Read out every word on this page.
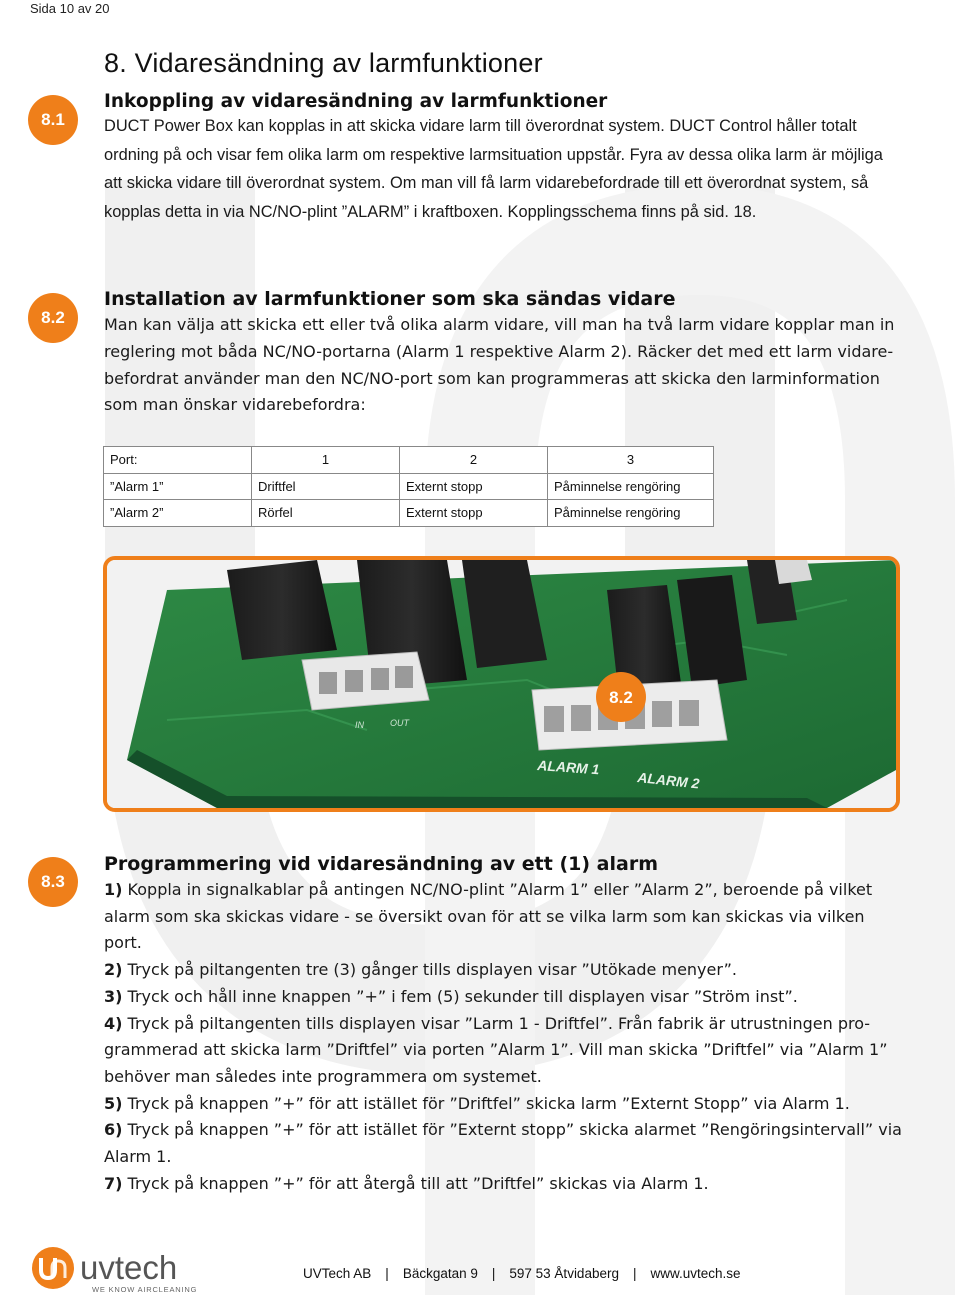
Sida 10 av 20
8. Vidaresändning av larmfunktioner
8.1
Inkoppling av vidaresändning av larmfunktioner

DUCT Power Box kan kopplas in att skicka vidare larm till överordnat system. DUCT Control håller totalt ordning på och visar fem olika larm om respektive larmsituation uppstår. Fyra av dessa olika larm är möjliga att skicka vidare till överordnat system. Om man vill få larm vidarebefordrade till ett överordnat system, så kopplas detta in via NC/NO-plint ”ALARM” i kraftboxen. Kopplingsschema finns på sid. 18.

8.2
Installation av larmfunktioner som ska sändas vidare

Man kan välja att skicka ett eller två olika alarm vidare, vill man ha två larm vidare kopplar man in reglering mot båda NC/NO-portarna (Alarm 1 respektive Alarm 2). Räcker det med ett larm vidare-befordrat använder man den NC/NO-port som kan programmeras att skicka den larminformation som man önskar vidarebefordra:

Port:	1	2	3
”Alarm 1”	Driftfel	Externt stopp	Påminnelse rengöring
”Alarm 2”	Rörfel	Externt stopp	Påminnelse rengöring
IN	OUT
ALARM 1
ALARM 2
8.2
8.3
Programmering vid vidaresändning av ett (1) alarm

1) Koppla in signalkablar på antingen NC/NO-plint ”Alarm 1” eller ”Alarm 2”, beroende på vilket alarm som ska skickas vidare - se översikt ovan för att se vilka larm som kan skickas via vilken port.

2) Tryck på piltangenten tre (3) gånger tills displayen visar ”Utökade menyer”.

3) Tryck och håll inne knappen ”+” i fem (5) sekunder till displayen visar ”Ström inst”.

4) Tryck på piltangenten tills displayen visar ”Larm 1 - Driftfel”. Från fabrik är utrustningen pro-grammerad att skicka larm ”Driftfel” via porten ”Alarm 1”. Vill man skicka ”Driftfel” via ”Alarm 1” behöver man således inte programmera om systemet.

5) Tryck på knappen ”+” för att istället för ”Driftfel” skicka larm ”Externt Stopp” via Alarm 1.

6) Tryck på knappen ”+” för att istället för ”Externt stopp” skicka alarmet ”Rengöringsintervall” via Alarm 1.

7) Tryck på knappen ”+” för att återgå till att ”Driftfel” skickas via Alarm 1.

uvtech
WE KNOW AIRCLEANING
UVTech AB | Bäckgatan 9 | 597 53 Åtvidaberg | www.uvtech.se
